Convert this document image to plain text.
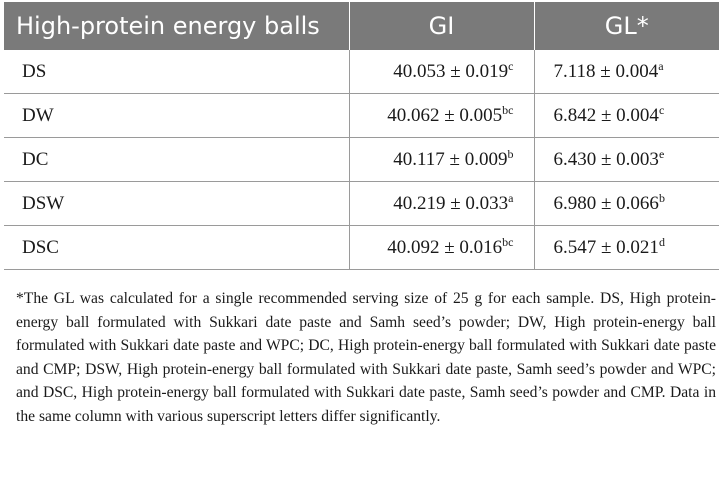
High-protein energy balls	GI	GL*
DS	40.053 ± 0.019$^c$	7.118 ± 0.004$^a$
DW	40.062 ± 0.005$^{bc}$	6.842 ± 0.004$^c$
DC	40.117 ± 0.009$^b$	6.430 ± 0.003$^e$
DSW	40.219 ± 0.033$^a$	6.980 ± 0.066$^b$
DSC	40.092 ± 0.016$^{bc}$	6.547 ± 0.021$^d$

*The GL was calculated for a single recommended serving size of 25 g for each sample. DS, High protein-energy ball formulated with Sukkari date paste and Samh seed’s powder; DW, High protein-energy ball formulated with Sukkari date paste and WPC; DC, High protein-energy ball formulated with Sukkari date paste and CMP; DSW, High protein-energy ball formulated with Sukkari date paste, Samh seed’s powder and WPC; and DSC, High protein-energy ball formulated with Sukkari date paste, Samh seed’s powder and CMP. Data in the same column with various superscript letters differ significantly.
